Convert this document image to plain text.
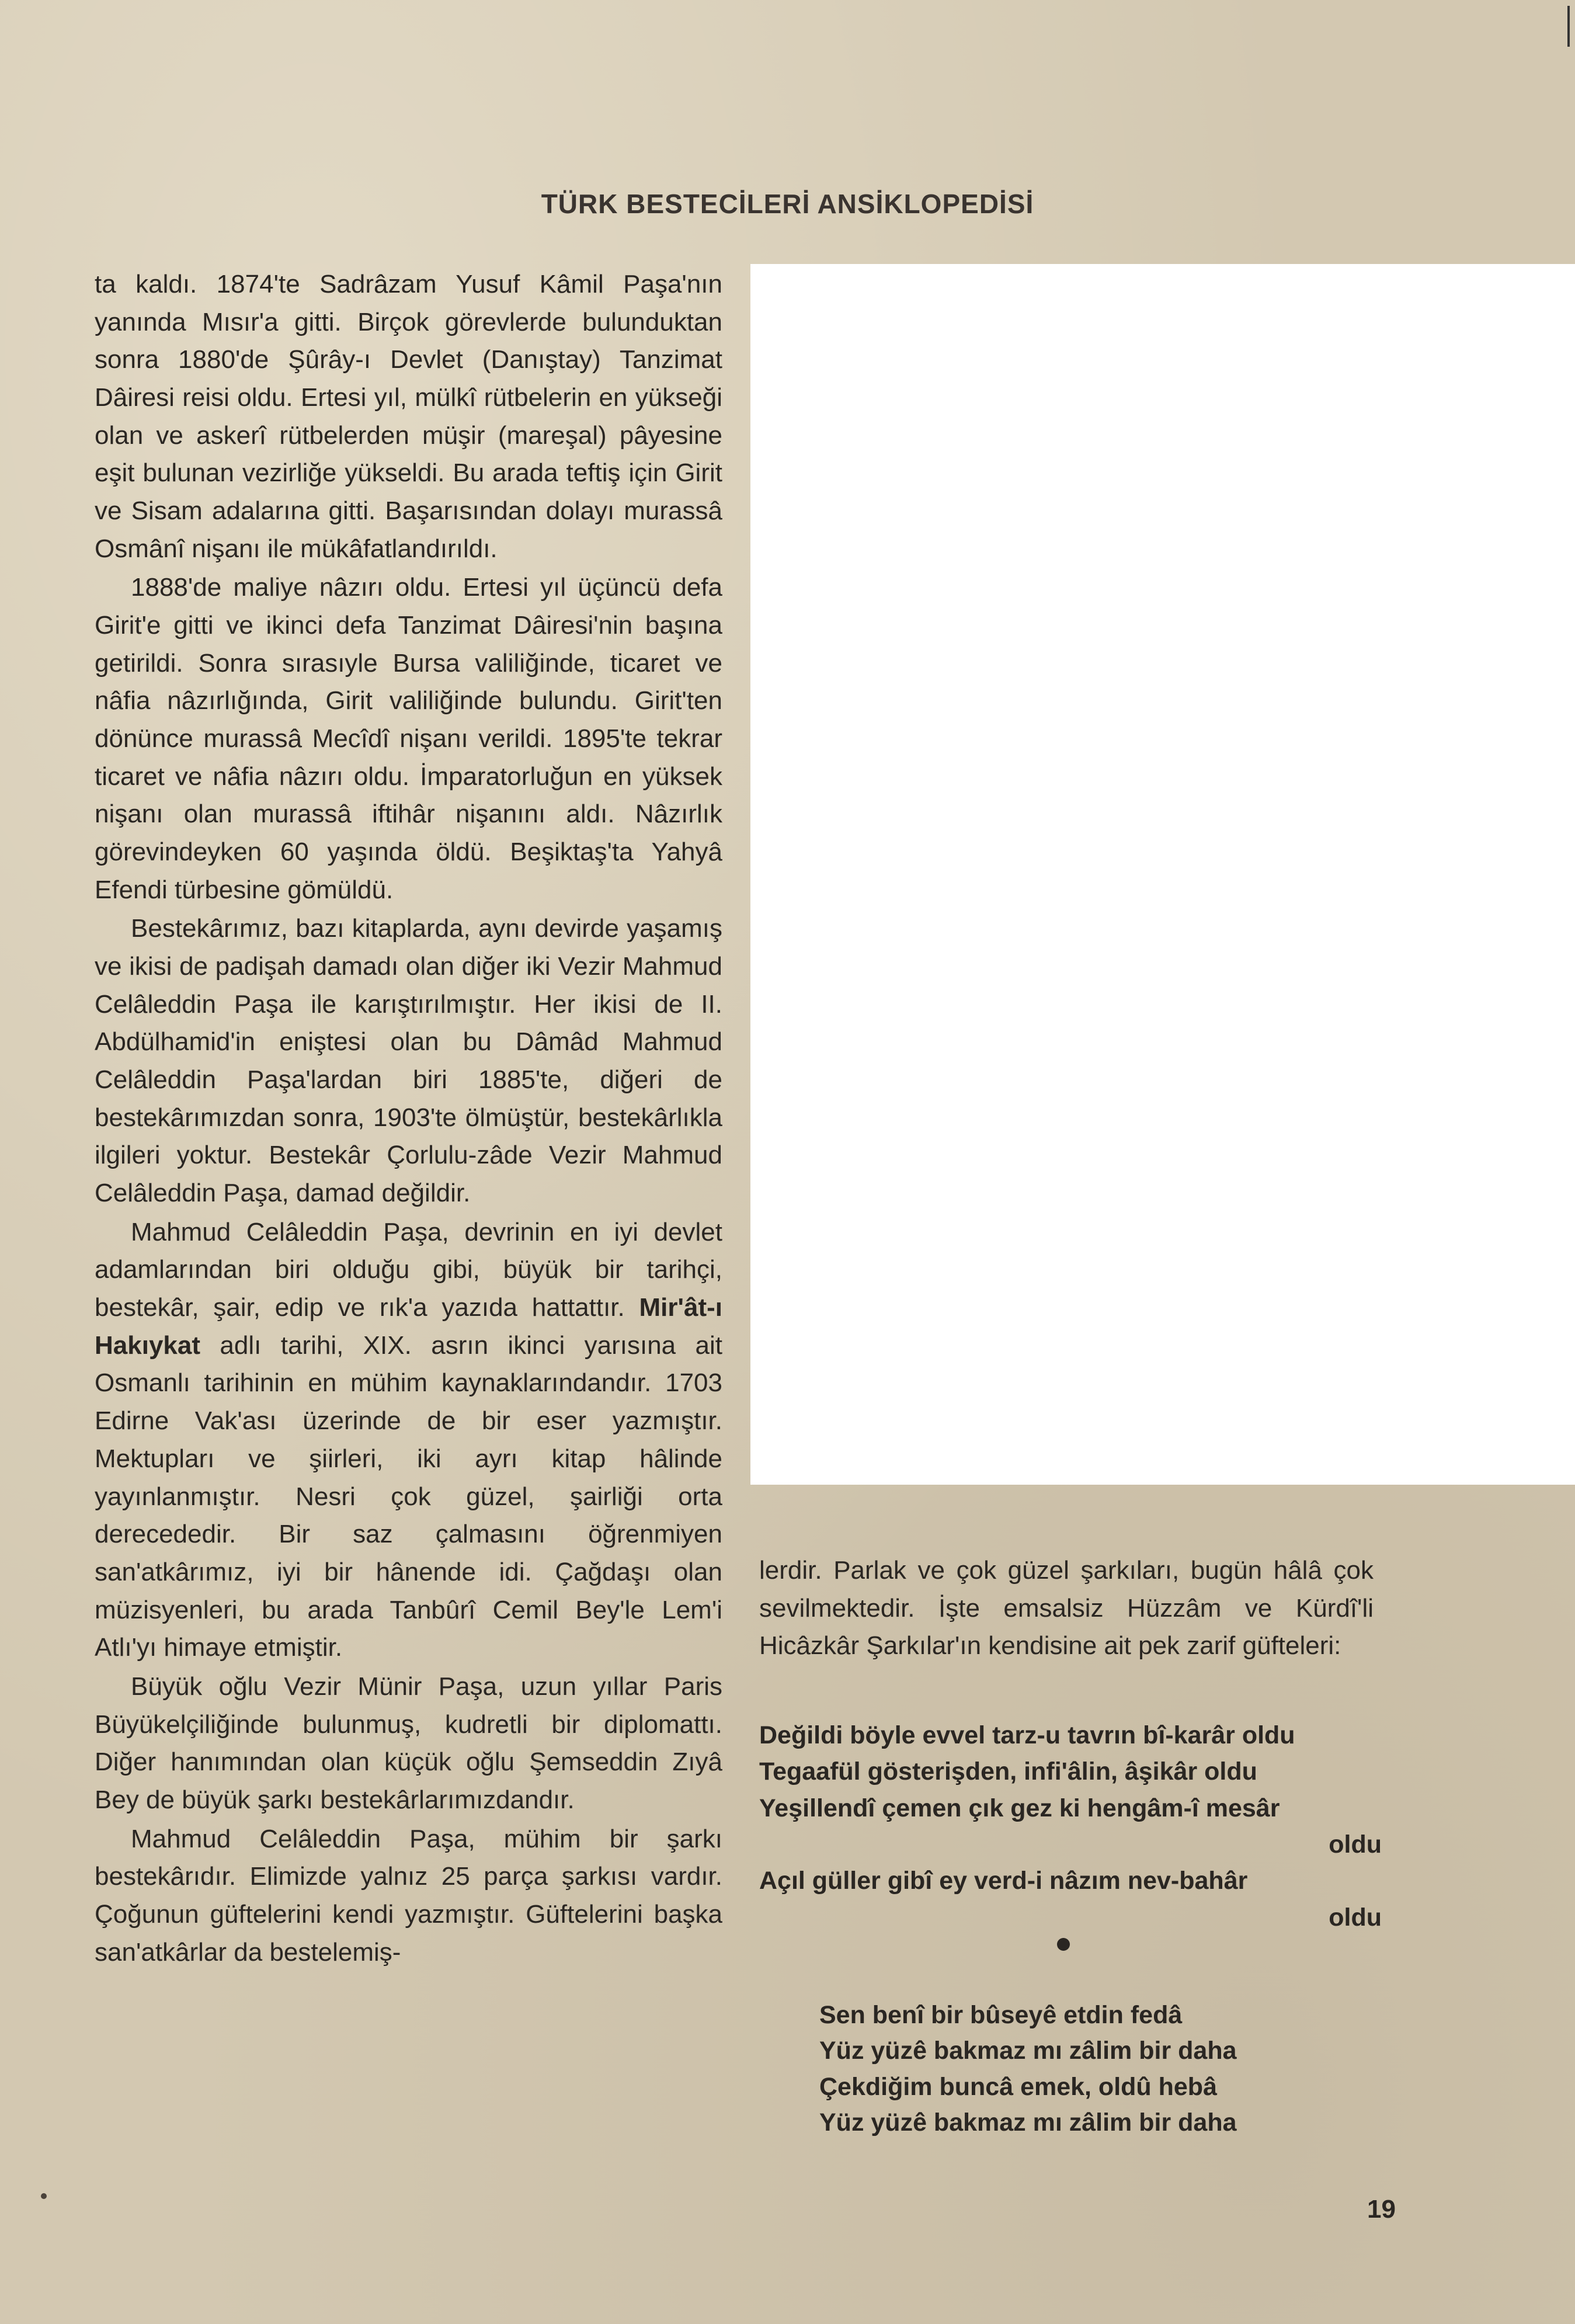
TÜRK BESTECİLERİ ANSİKLOPEDİSİ

ta kaldı. 1874'te Sadrâzam Yusuf Kâmil Paşa'nın yanında Mısır'a gitti. Birçok görevlerde bulunduktan sonra 1880'de Şûrây-ı Devlet (Danıştay) Tanzimat Dâiresi reisi oldu. Ertesi yıl, mülkî rütbelerin en yükseği olan ve askerî rütbelerden müşir (mareşal) pâyesine eşit bulunan vezirliğe yükseldi. Bu arada teftiş için Girit ve Sisam adalarına gitti. Başarısından dolayı murassâ Osmânî nişanı ile mükâfatlandırıldı.

1888'de maliye nâzırı oldu. Ertesi yıl üçüncü defa Girit'e gitti ve ikinci defa Tanzimat Dâiresi'nin başına getirildi. Sonra sırasıyle Bursa valiliğinde, ticaret ve nâfia nâzırlığında, Girit valiliğinde bulundu. Girit'ten dönünce murassâ Mecîdî nişanı verildi. 1895'te tekrar ticaret ve nâfia nâzırı oldu. İmparatorluğun en yüksek nişanı olan murassâ iftihâr nişanını aldı. Nâzırlık görevindeyken 60 yaşında öldü. Beşiktaş'ta Yahyâ Efendi türbesine gömüldü.

Bestekârımız, bazı kitaplarda, aynı devirde yaşamış ve ikisi de padişah damadı olan diğer iki Vezir Mahmud Celâleddin Paşa ile karıştırılmıştır. Her ikisi de II. Abdülhamid'in eniştesi olan bu Dâmâd Mahmud Celâleddin Paşa'lardan biri 1885'te, diğeri de bestekârımızdan sonra, 1903'te ölmüştür, bestekârlıkla ilgileri yoktur. Bestekâr Çorlulu-zâde Vezir Mahmud Celâleddin Paşa, damad değildir.

Mahmud Celâleddin Paşa, devrinin en iyi devlet adamlarından biri olduğu gibi, büyük bir tarihçi, bestekâr, şair, edip ve rık'a yazıda hattattır. Mir'ât-ı Hakıykat adlı tarihi, XIX. asrın ikinci yarısına ait Osmanlı tarihinin en mühim kaynaklarındandır. 1703 Edirne Vak'ası üzerinde de bir eser yazmıştır. Mektupları ve şiirleri, iki ayrı kitap hâlinde yayınlanmıştır. Nesri çok güzel, şairliği orta derecededir. Bir saz çalmasını öğrenmiyen san'atkârımız, iyi bir hânende idi. Çağdaşı olan müzisyenleri, bu arada Tanbûrî Cemil Bey'le Lem'i Atlı'yı himaye etmiştir.

Büyük oğlu Vezir Münir Paşa, uzun yıllar Paris Büyükelçiliğinde bulunmuş, kudretli bir diplomattı. Diğer hanımından olan küçük oğlu Şemseddin Zıyâ Bey de büyük şarkı bestekârlarımızdandır.

Mahmud Celâleddin Paşa, mühim bir şarkı bestekârıdır. Elimizde yalnız 25 parça şarkısı vardır. Çoğunun güftelerini kendi yazmıştır. Güftelerini başka san'atkârlar da bestelemiş-

lerdir. Parlak ve çok güzel şarkıları, bugün hâlâ çok sevilmektedir. İşte emsalsiz Hüzzâm ve Kürdî'li Hicâzkâr Şarkılar'ın kendisine ait pek zarif güfteleri:

Değildi böyle evvel tarz-u tavrın bî-karâr oldu
Tegaafül gösterişden, infi'âlin, âşikâr oldu
Yeşillendî çemen çık gez ki hengâm-î mesâr
oldu
Açıl güller gibî ey verd-i nâzım nev-bahâr
oldu
Sen benî bir bûseyê etdin fedâ
Yüz yüzê bakmaz mı zâlim bir daha
Çekdiğim buncâ emek, oldû hebâ
Yüz yüzê bakmaz mı zâlim bir daha
19
